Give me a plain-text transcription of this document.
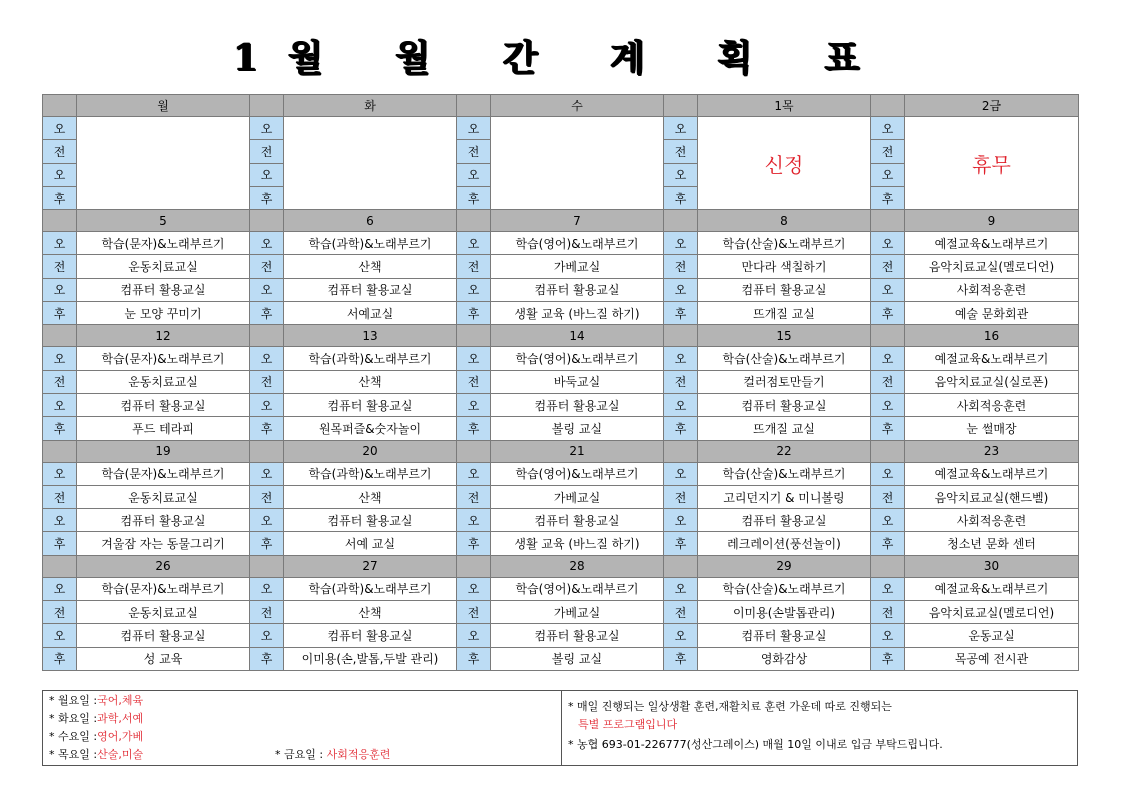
1월 월 간 계 획 표
	월		화		수		1목		2금
오		오		오		오	신정	오	휴무
전		전		전		전		전	
오		오		오		오		오	
후		후		후		후		후	
	5		6		7		8		9
오	학습(문자)&노래부르기	오	학습(과학)&노래부르기	오	학습(영어)&노래부르기	오	학습(산술)&노래부르기	오	예절교육&노래부르기
전	운동치료교실	전	산책	전	가베교실	전	만다라 색칠하기	전	음악치료교실(멜로디언)
오	컴퓨터 활용교실	오	컴퓨터 활용교실	오	컴퓨터 활용교실	오	컴퓨터 활용교실	오	사회적응훈련
후	눈 모양 꾸미기	후	서예교실	후	생활 교육 (바느질 하기)	후	뜨개질 교실	후	예술 문화회관
	12		13		14		15		16
오	학습(문자)&노래부르기	오	학습(과학)&노래부르기	오	학습(영어)&노래부르기	오	학습(산술)&노래부르기	오	예절교육&노래부르기
전	운동치료교실	전	산책	전	바둑교실	전	컬러점토만들기	전	음악치료교실(실로폰)
오	컴퓨터 활용교실	오	컴퓨터 활용교실	오	컴퓨터 활용교실	오	컴퓨터 활용교실	오	사회적응훈련
후	푸드 테라피	후	원목퍼즐&숫자놀이	후	볼링 교실	후	뜨개질 교실	후	눈 썰매장
	19		20		21		22		23
오	학습(문자)&노래부르기	오	학습(과학)&노래부르기	오	학습(영어)&노래부르기	오	학습(산술)&노래부르기	오	예절교육&노래부르기
전	운동치료교실	전	산책	전	가베교실	전	고리던지기 & 미니볼링	전	음악치료교실(핸드벨)
오	컴퓨터 활용교실	오	컴퓨터 활용교실	오	컴퓨터 활용교실	오	컴퓨터 활용교실	오	사회적응훈련
후	겨울잠 자는 동물그리기	후	서예 교실	후	생활 교육 (바느질 하기)	후	레크레이션(풍선놀이)	후	청소년 문화 센터
	26		27		28		29		30
오	학습(문자)&노래부르기	오	학습(과학)&노래부르기	오	학습(영어)&노래부르기	오	학습(산술)&노래부르기	오	예절교육&노래부르기
전	운동치료교실	전	산책	전	가베교실	전	이미용(손발톱관리)	전	음악치료교실(멜로디언)
오	컴퓨터 활용교실	오	컴퓨터 활용교실	오	컴퓨터 활용교실	오	컴퓨터 활용교실	오	운동교실
후	성 교육	후	이미용(손,발톱,두발 관리)	후	볼링 교실	후	영화감상	후	목공예 전시관
* 월요일 :국어,체육
* 화요일 :과학,서예
* 수요일 :영어,가베
* 목요일 :산술,미술	* 금요일 : 사회적응훈련
* 매일 진행되는 일상생활 훈련,재활치료 훈련 가운데 따로 진행되는
특별 프로그램입니다
* 농협 693-01-226777(성산그레이스) 매월 10일 이내로 입금 부탁드립니다.
